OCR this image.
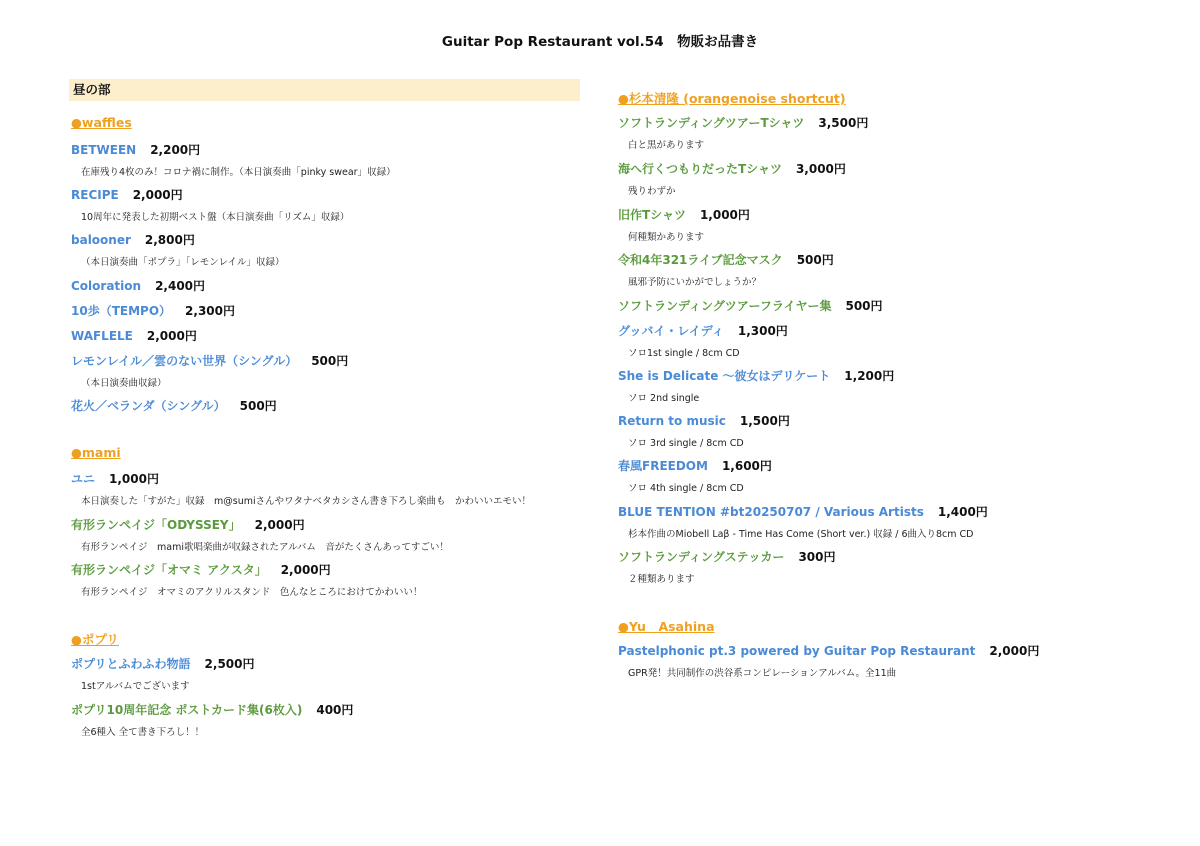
Guitar Pop Restaurant vol.54　物販お品書き
昼の部
●waffles
BETWEEN 2,200円
在庫残り4枚のみ！コロナ禍に制作。（本日演奏曲「pinky swear」収録）
RECIPE 2,000円
10周年に発表した初期ベスト盤（本日演奏曲「リズム」収録）
balooner 2,800円
（本日演奏曲「ポプラ」「レモンレイル」収録）
Coloration 2,400円
10歩（TEMPO） 2,300円
WAFLELE 2,000円
レモンレイル／雲のない世界（シングル） 500円
（本日演奏曲収録）
花火／ベランダ（シングル） 500円
●mami
ユニ 1,000円
本日演奏した「すがた」収録　m@sumiさんやワタナベタカシさん書き下ろし楽曲も　かわいいエモい！
有形ランペイジ「ODYSSEY」 2,000円
有形ランペイジ　mami歌唱楽曲が収録されたアルバム　音がたくさんあってすごい！
有形ランペイジ「オマミ アクスタ」 2,000円
有形ランペイジ　オマミのアクリルスタンド　色んなところにおけてかわいい！
●ポプリ
ポプリとふわふわ物語 2,500円
1stアルバムでございます
ポプリ10周年記念 ポストカード集(6枚入) 400円
全6種入 全て書き下ろし！！
●杉本清隆 (orangenoise shortcut)
ソフトランディングツアーTシャツ 3,500円
白と黒があります
海へ行くつもりだったTシャツ 3,000円
残りわずか
旧作Tシャツ 1,000円
何種類かあります
令和4年321ライブ記念マスク 500円
風邪予防にいかがでしょうか？
ソフトランディングツアーフライヤー集 500円
グッバイ・レイディ 1,300円
ソロ1st single / 8cm CD
She is Delicate 〜彼女はデリケート 1,200円
ソロ 2nd single
Return to music 1,500円
ソロ 3rd single / 8cm CD
春風FREEDOM 1,600円
ソロ 4th single / 8cm CD
BLUE TENTION #bt20250707 / Various Artists 1,400円
杉本作曲のMiobell Laβ - Time Has Come (Short ver.) 収録 / 6曲入り8cm CD
ソフトランディングステッカー 300円
２種類あります
●Yu　Asahina
Pastelphonic pt.3 powered by Guitar Pop Restaurant 2,000円
GPR発！共同制作の渋谷系コンピレーションアルバム。全11曲
